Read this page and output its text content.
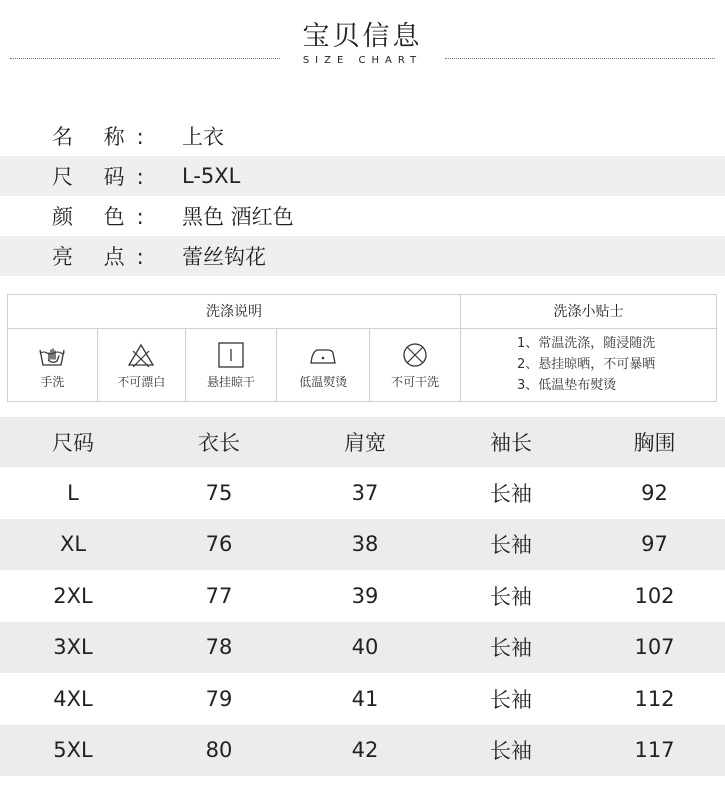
宝贝信息
SIZE CHART
名 称:	上衣
尺 码:	L-5XL
颜 色:	黑色 酒红色
亮 点:	蕾丝钩花
洗涤说明	洗涤小贴士
手洗	不可漂白	悬挂晾干	低温熨烫	不可干洗
1、常温洗涤，随浸随洗
2、悬挂晾晒，不可暴晒
3、低温垫布熨烫
尺码	衣长	肩宽	袖长	胸围
L	75	37	长袖	92
XL	76	38	长袖	97
2XL	77	39	长袖	102
3XL	78	40	长袖	107
4XL	79	41	长袖	112
5XL	80	42	长袖	117
